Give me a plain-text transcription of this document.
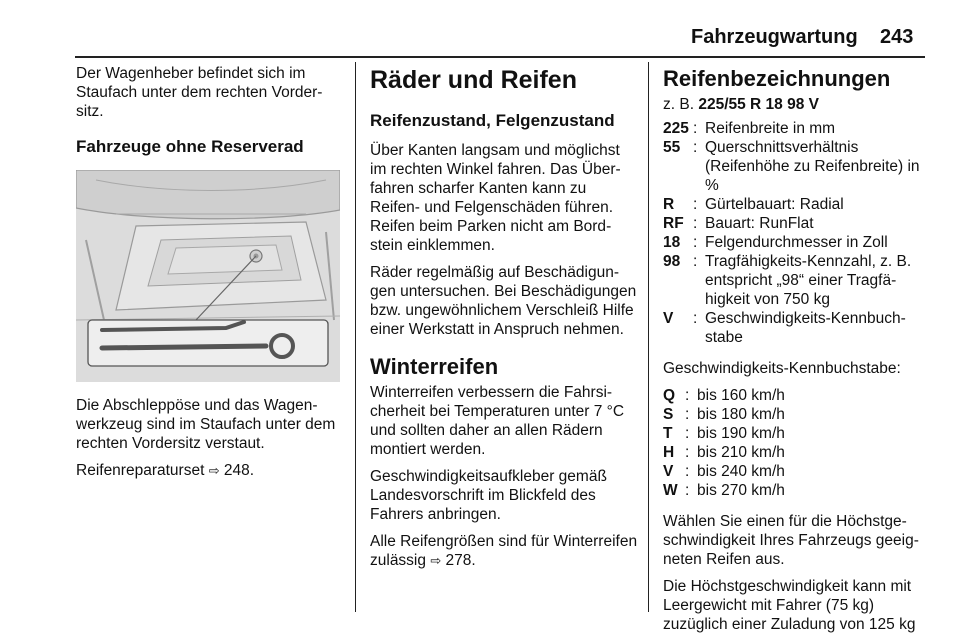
Fahrzeugwartung 243

Der Wagenheber befindet sich im Staufach unter dem rechten Vordersitz.

Fahrzeuge ohne Reserverad

Die Abschleppöse und das Wagenwerkzeug sind im Staufach unter dem rechten Vordersitz verstaut.

Reifenreparaturset ⇨ 248.

Räder und Reifen
Reifenzustand, Felgenzustand

Über Kanten langsam und möglichst im rechten Winkel fahren. Das Überfahren scharfer Kanten kann zu Reifen- und Felgenschäden führen. Reifen beim Parken nicht am Bordstein einklemmen.

Räder regelmäßig auf Beschädigungen untersuchen. Bei Beschädigungen bzw. ungewöhnlichem Verschleiß Hilfe einer Werkstatt in Anspruch nehmen.

Winterreifen

Winterreifen verbessern die Fahrsicherheit bei Temperaturen unter 7 °C und sollten daher an allen Rädern montiert werden.

Geschwindigkeitsaufkleber gemäß Landesvorschrift im Blickfeld des Fahrers anbringen.

Alle Reifengrößen sind für Winterreifen zulässig ⇨ 278.

Reifenbezeichnungen

z. B. 225/55 R 18 98 V

225 : Reifenbreite in mm
55 : Querschnittsverhältnis (Reifenhöhe zu Reifenbreite) in %
R	: Gürtelbauart: Radial
RF : Bauart: RunFlat
18 : Felgendurchmesser in Zoll
98 : Tragfähigkeits-Kennzahl, z. B. entspricht „98“ einer Tragfähigkeit von 750 kg
V	: Geschwindigkeits-Kennbuchstabe

Geschwindigkeits-Kennbuchstabe:

Q : bis 160 km/h
S : bis 180 km/h
T : bis 190 km/h
H : bis 210 km/h
V : bis 240 km/h
W : bis 270 km/h

Wählen Sie einen für die Höchstgeschwindigkeit Ihres Fahrzeugs geeigneten Reifen aus.

Die Höchstgeschwindigkeit kann mit Leergewicht mit Fahrer (75 kg) zuzüglich einer Zuladung von 125 kg
